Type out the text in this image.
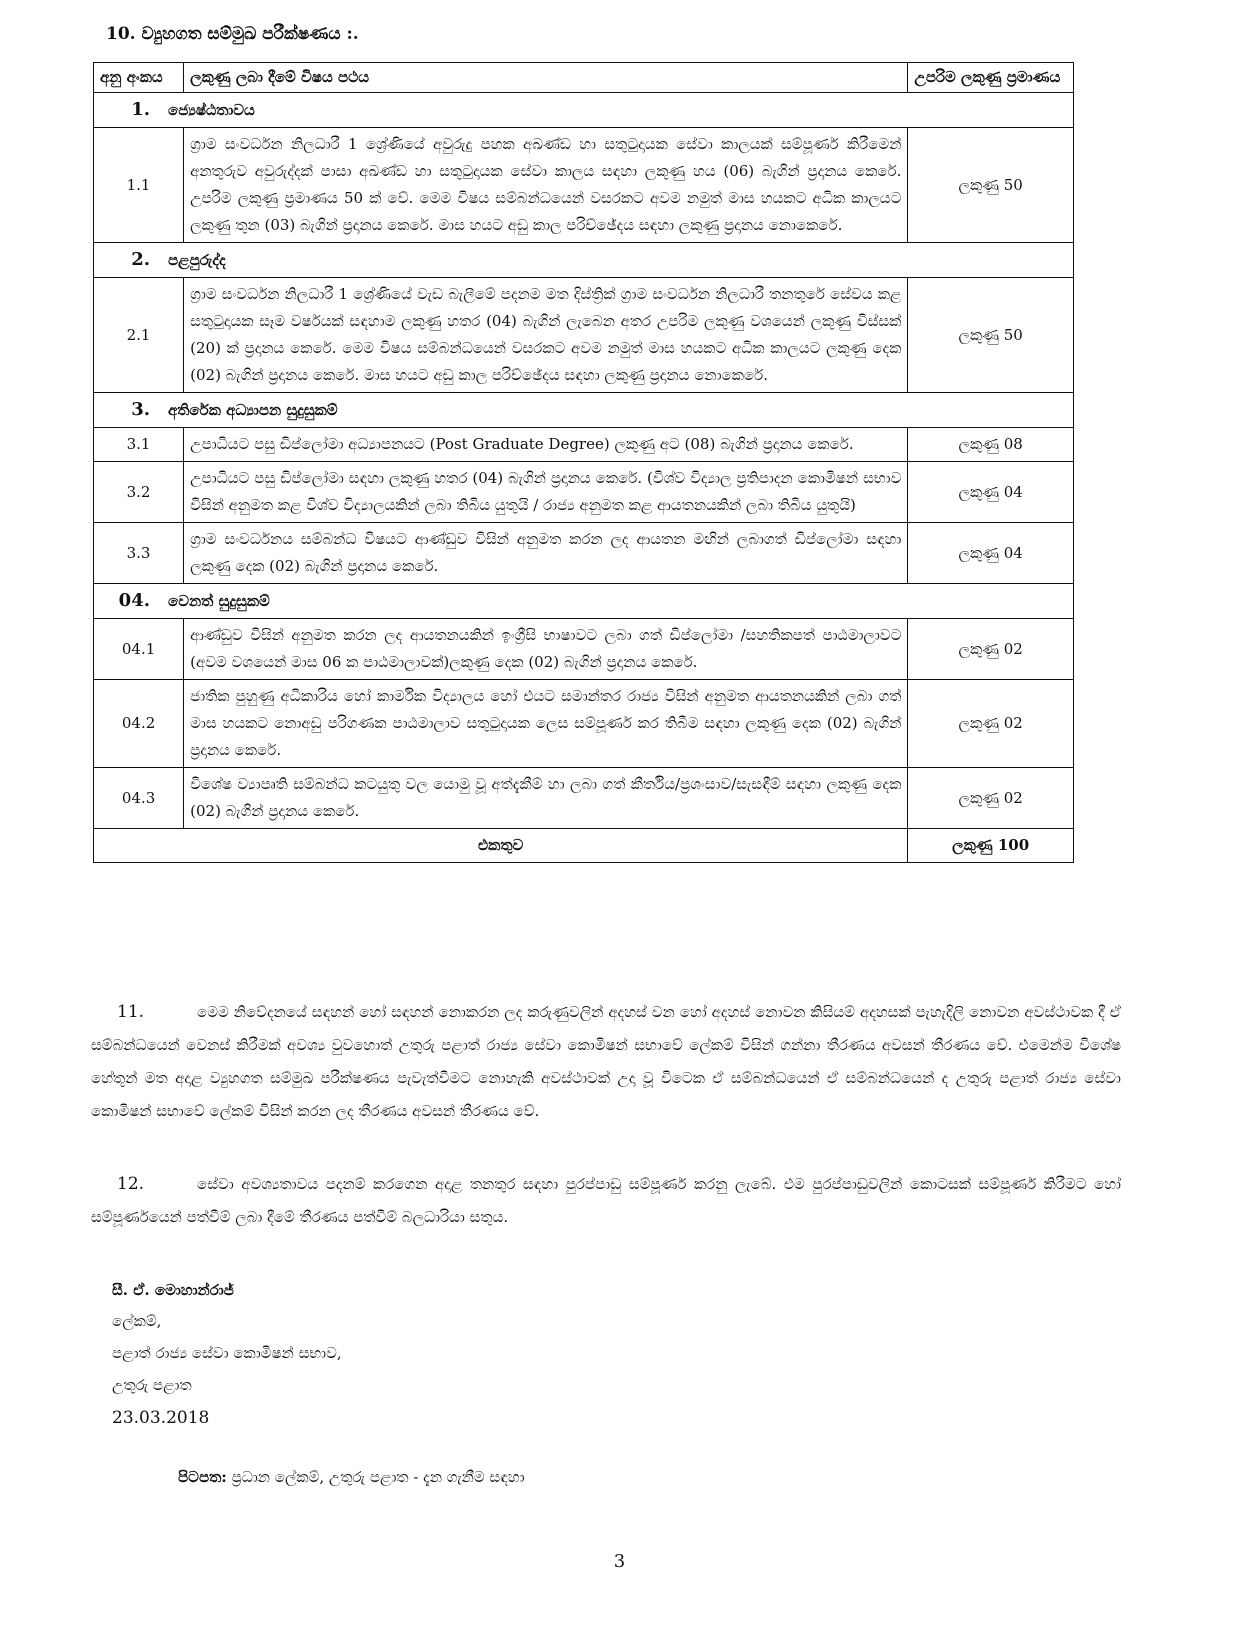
10. ව්‍යුහගත සම්මුඛ පරීක්ෂණය :.
අනු අංකය	ලකුණු ලබා දීමේ විෂය පථය	උපරිම ලකුණු ප්‍රමාණය
1. ජ්‍යෙෂ්ඨතාවය		
1.1	ග්‍රාම සංවර්ධන නිලධාරී 1 ශ්‍රේණියේ අවුරුදු පහක අඛණ්ඩ හා සතුටුදායක සේවා කාලයක් සම්පූර්ණ කිරීමෙන් අනතුරුව අවුරුද්දක් පාසා අඛණ්ඩ හා සතුටුදායක සේවා කාලය සඳහා ලකුණු හය (06) බැගින් ප්‍රදානය කෙරේ. උපරිම ලකුණු ප්‍රමාණය 50 ක් වේ. මෙම විෂය සම්බන්ධයෙන් වසරකට අවම නමුත් මාස හයකට අධික කාලයට ලකුණු තුන (03) බැගින් ප්‍රදානය කෙරේ. මාස හයට අඩු කාල පරිච්ඡේදය සඳහා ලකුණු ප්‍රදානය නොකෙරේ.	ලකුණු 50
2. පළපුරුද්ද		
2.1	ග්‍රාම සංවර්ධන නිලධාරී 1 ශ්‍රේණියේ වැඩ බැලීමේ පදනම මත දිස්ත්‍රික් ග්‍රාම සංවර්ධන නිලධාරී තනතුරේ සේවය කළ සතුටුදායක සෑම වර්ෂයක් සඳහාම ලකුණු හතර (04) බැගින් ලැබෙන අතර උපරිම ලකුණු වශයෙන් ලකුණු විස්සක් (20) ක් ප්‍රදානය කෙරේ. මෙම විෂය සම්බන්ධයෙන් වසරකට අවම නමුත් මාස හයකට අධික කාලයට ලකුණු දෙක (02) බැගින් ප්‍රදානය කෙරේ. මාස හයට අඩු කාල පරිච්ඡේදය සඳහා ලකුණු ප්‍රදානය නොකෙරේ.	ලකුණු 50
3. අතිරේක අධ්‍යාපන සුදුසුකම්		
3.1	උපාධියට පසු ඩිප්ලෝමා අධ්‍යාපනයට (Post Graduate Degree) ලකුණු අට (08) බැගින් ප්‍රදානය කෙරේ.	ලකුණු 08
3.2	උපාධියට පසු ඩිප්ලෝමා සඳහා ලකුණු හතර (04) බැගින් ප්‍රදානය කෙරේ. (විශ්ව විද්‍යාල ප්‍රතිපාදන කොමිෂන් සභාව විසින් අනුමත කළ විශ්ව විද්‍යාලයකින් ලබා තිබිය යුතුයි / රාජ්‍ය අනුමත කළ ආයතනයකින් ලබා තිබිය යුතුයි)	ලකුණු 04
3.3	ග්‍රාම සංවර්ධනය සම්බන්ධ විෂයට ආණ්ඩුව විසින් අනුමත කරන ලද ආයතන මඟින් ලබාගත් ඩිප්ලෝමා සඳහා ලකුණු දෙක (02) බැගින් ප්‍රදානය කෙරේ.	ලකුණු 04
04. වෙනත් සුදුසුකම්		
04.1	ආණ්ඩුව විසින් අනුමත කරන ලද ආයතනයකින් ඉංග්‍රීසි භාෂාවට ලබා ගත් ඩිප්ලෝමා /සහතිකපත් පාඨමාලාවට (අවම වශයෙන් මාස 06 ක පාඨමාලාවක්)ලකුණු දෙක (02) බැගින් ප්‍රදානය කෙරේ.	ලකුණු 02
04.2	ජාතික පුහුණු අධිකාරිය හෝ කාර්මික විද්‍යාලය හෝ එයට සමාන්තර රාජ්‍ය විසින් අනුමත ආයතනයකින් ලබා ගත් මාස හයකට නොඅඩු පරිගණක පාඨමාලාව සතුටුදායක ලෙස සම්පූර්ණ කර තිබීම සඳහා ලකුණු දෙක (02) බැගින් ප්‍රදානය කෙරේ.	ලකුණු 02
04.3	විශේෂ ව්‍යාපෘති සම්බන්ධ කටයුතු වල යොමු වූ අත්දැකීම් හා ලබා ගත් කීර්තිය/ප්‍රශංසාව/සැසඳීම් සඳහා ලකුණු දෙක (02) බැගින් ප්‍රදානය කෙරේ.	ලකුණු 02
එකතුව		ලකුණු 100
11.	මෙම නිවේදනයේ සඳහන් හෝ සඳහන් නොකරන ලද කරුණුවලින් අදහස් වන හෝ අදහස් නොවන කිසියම් අදහසක් පැහැදිලි නොවන අවස්ථාවක දී ඒ සම්බන්ධයෙන් වෙනස් කිරීමක් අවශ්‍ය වුවහොත් උතුරු පළාත් රාජ්‍ය සේවා කොමිෂන් සභාවේ ලේකම් විසින් ගන්නා තීරණය අවසන් තීරණය වේ. එමෙන්ම විශේෂ හේතූන් මත අදාළ ව්‍යුහගත සම්මුඛ පරීක්ෂණය පැවැත්වීමට නොහැකි අවස්ථාවක් උදා වූ විටෙක ඒ සම්බන්ධයෙන් ඒ සම්බන්ධයෙන් ද උතුරු පළාත් රාජ්‍ය සේවා කොමිෂන් සභාවේ ලේකම් විසින් කරන ලද තීරණය අවසන් තීරණය වේ.
12.	සේවා අවශ්‍යතාවය පදනම් කරගෙන අදාළ තනතුර සඳහා පුරප්පාඩු සම්පූර්ණ කරනු ලැබේ. එම පුරප්පාඩුවලින් කොටසක් සම්පූර්ණ කිරීමට හෝ සම්පූර්ණයෙන් පත්වීම් ලබා දීමේ තීරණය පත්වීම් බලධාරියා සතුය.
සී. ඒ. මොහාන්රාජ්
ලේකම්,
පළාත් රාජ්‍ය සේවා කොමිෂන් සභාව,
උතුරු පළාත
23.03.2018
පිටපත: ප්‍රධාන ලේකම්, උතුරු පළාත - දැන ගැනීම සඳහා
3
